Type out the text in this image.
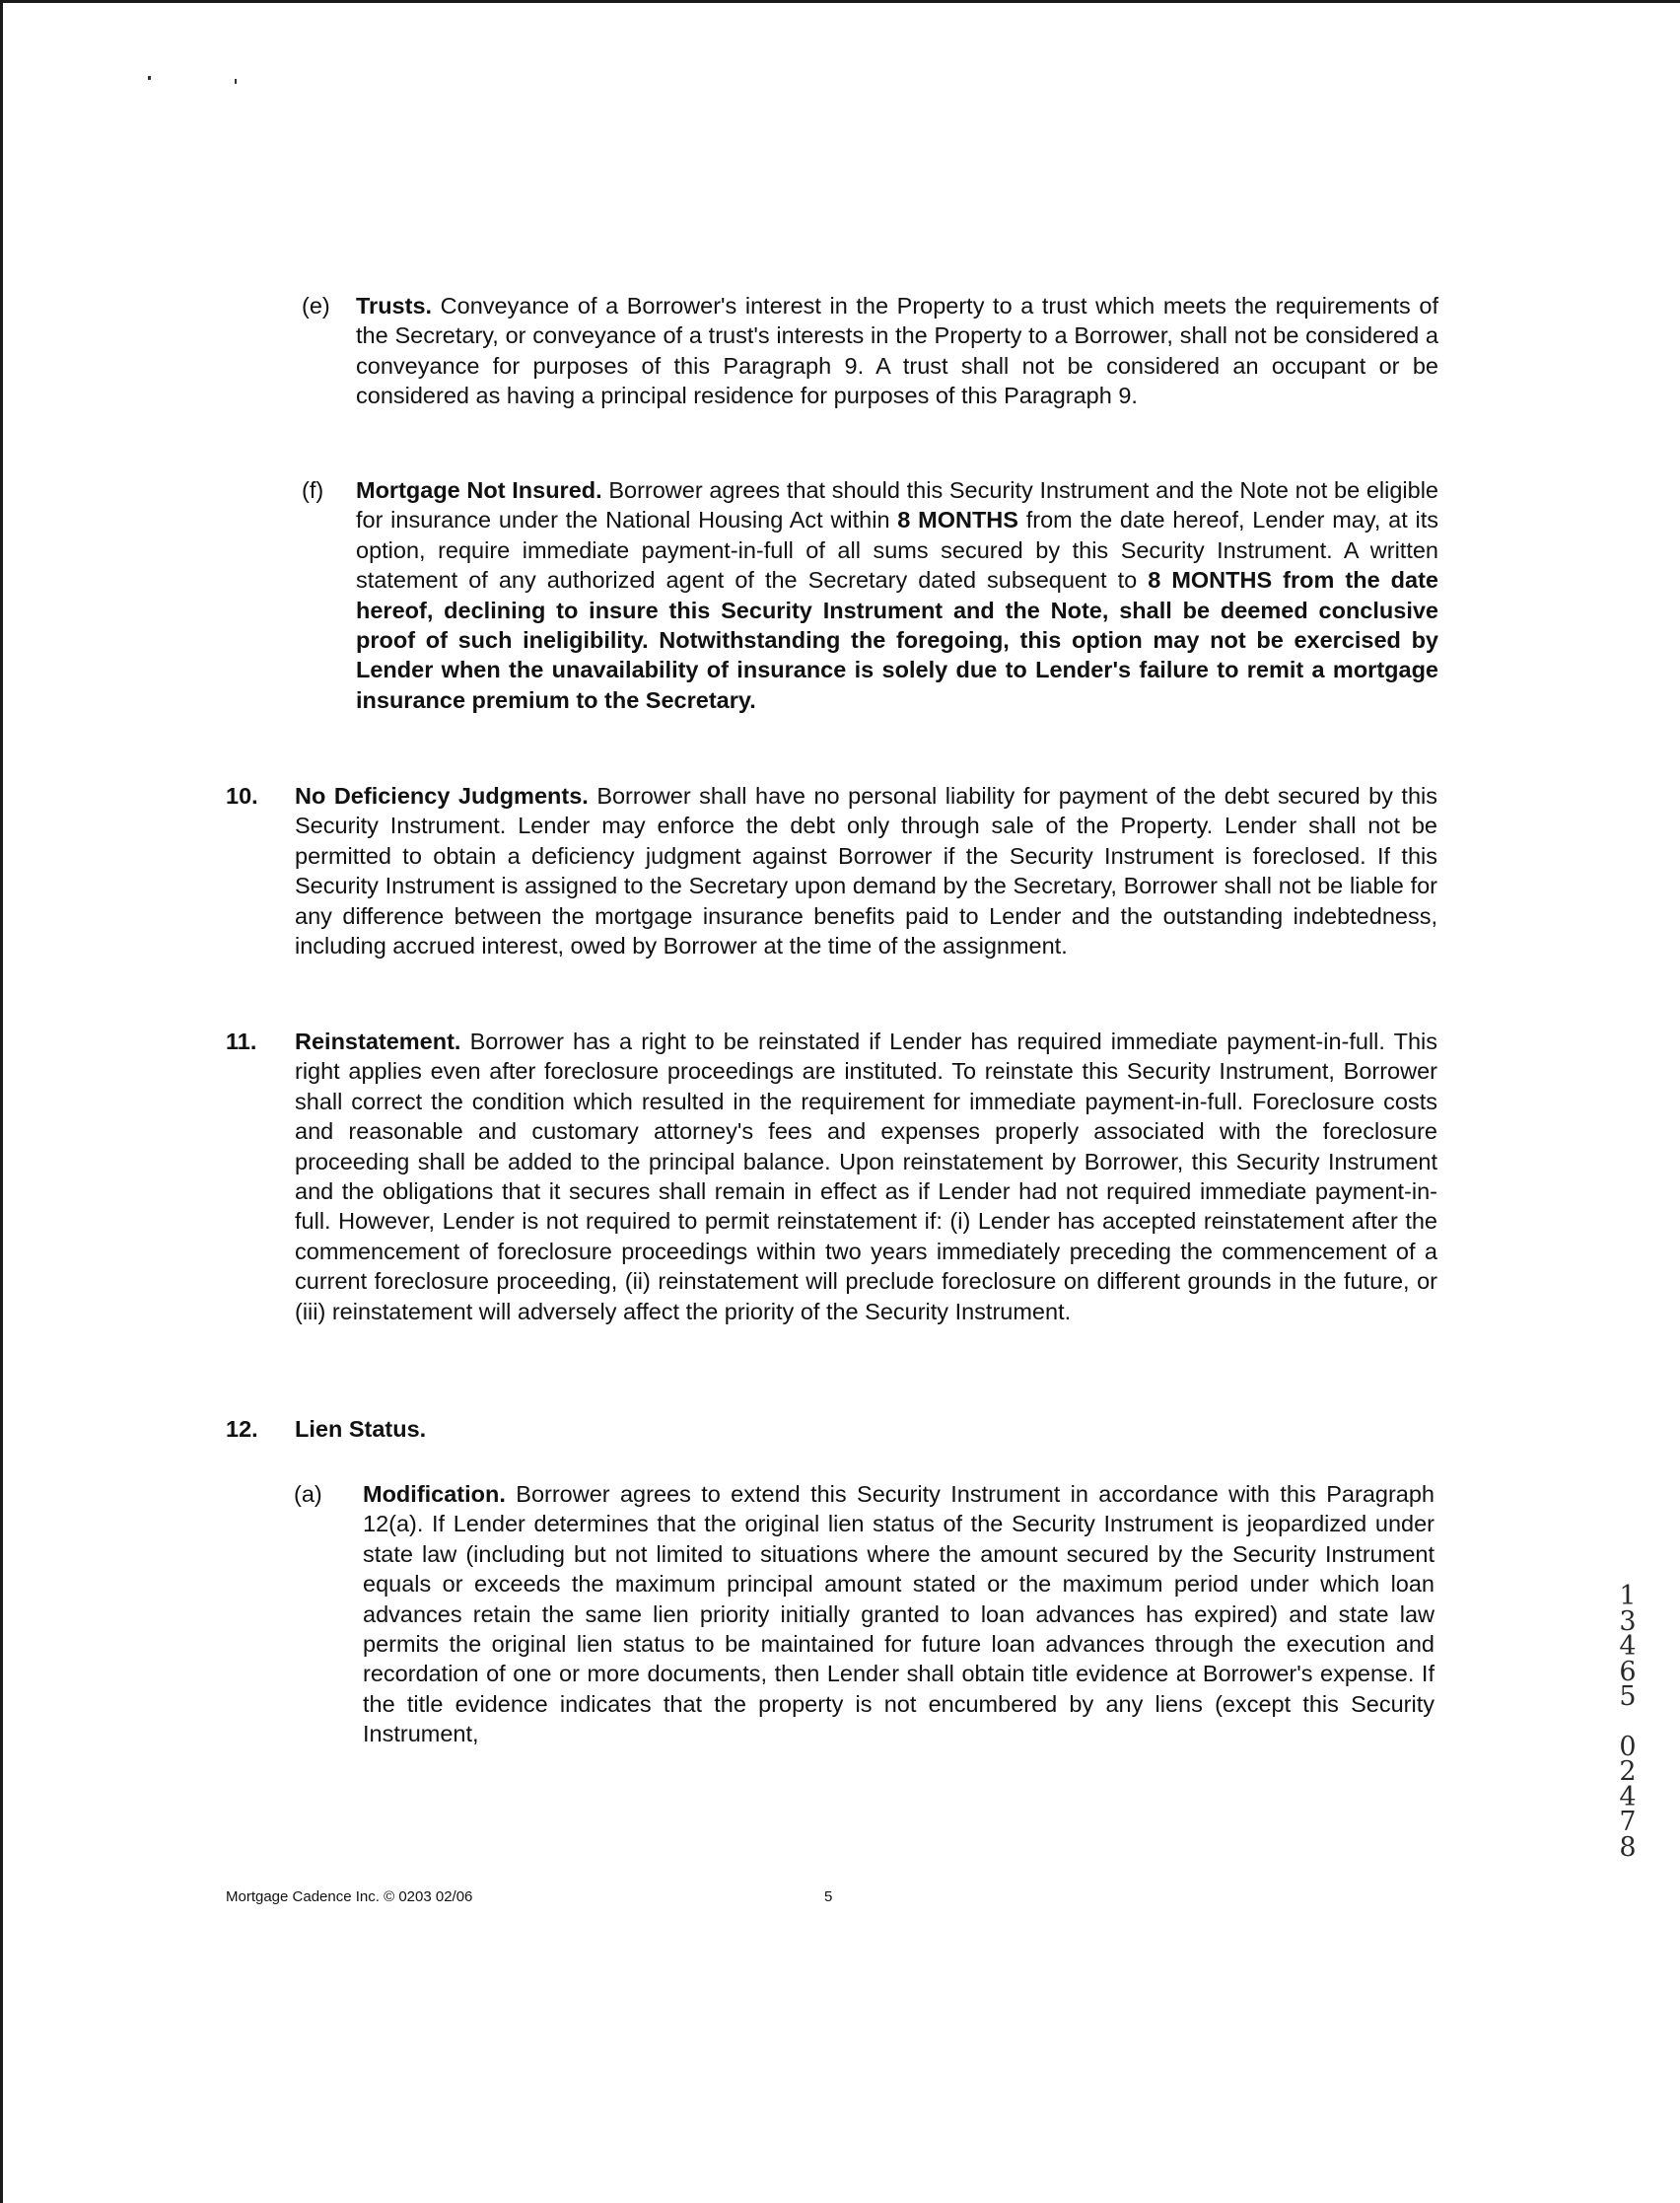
(e) Trusts. Conveyance of a Borrower's interest in the Property to a trust which meets the requirements of the Secretary, or conveyance of a trust's interests in the Property to a Borrower, shall not be considered a conveyance for purposes of this Paragraph 9. A trust shall not be considered an occupant or be considered as having a principal residence for purposes of this Paragraph 9.

(f) Mortgage Not Insured. Borrower agrees that should this Security Instrument and the Note not be eligible for insurance under the National Housing Act within 8 MONTHS from the date hereof, Lender may, at its option, require immediate payment-in-full of all sums secured by this Security Instrument. A written statement of any authorized agent of the Secretary dated subsequent to 8 MONTHS from the date hereof, declining to insure this Security Instrument and the Note, shall be deemed conclusive proof of such ineligibility. Notwithstanding the foregoing, this option may not be exercised by Lender when the unavailability of insurance is solely due to Lender's failure to remit a mortgage insurance premium to the Secretary.

10. No Deficiency Judgments. Borrower shall have no personal liability for payment of the debt secured by this Security Instrument. Lender may enforce the debt only through sale of the Property. Lender shall not be permitted to obtain a deficiency judgment against Borrower if the Security Instrument is foreclosed. If this Security Instrument is assigned to the Secretary upon demand by the Secretary, Borrower shall not be liable for any difference between the mortgage insurance benefits paid to Lender and the outstanding indebtedness, including accrued interest, owed by Borrower at the time of the assignment.

11. Reinstatement. Borrower has a right to be reinstated if Lender has required immediate payment-in-full. This right applies even after foreclosure proceedings are instituted. To reinstate this Security Instrument, Borrower shall correct the condition which resulted in the requirement for immediate payment-in-full. Foreclosure costs and reasonable and customary attorney's fees and expenses properly associated with the foreclosure proceeding shall be added to the principal balance. Upon reinstatement by Borrower, this Security Instrument and the obligations that it secures shall remain in effect as if Lender had not required immediate payment-in-full. However, Lender is not required to permit reinstatement if: (i) Lender has accepted reinstatement after the commencement of foreclosure proceedings within two years immediately preceding the commencement of a current foreclosure proceeding, (ii) reinstatement will preclude foreclosure on different grounds in the future, or (iii) reinstatement will adversely affect the priority of the Security Instrument.

12. Lien Status.

(a) Modification. Borrower agrees to extend this Security Instrument in accordance with this Paragraph 12(a). If Lender determines that the original lien status of the Security Instrument is jeopardized under state law (including but not limited to situations where the amount secured by the Security Instrument equals or exceeds the maximum principal amount stated or the maximum period under which loan advances retain the same lien priority initially granted to loan advances has expired) and state law permits the original lien status to be maintained for future loan advances through the execution and recordation of one or more documents, then Lender shall obtain title evidence at Borrower's expense. If the title evidence indicates that the property is not encumbered by any liens (except this Security Instrument,

Mortgage Cadence Inc. © 0203 02/06	5
1
3
4
6
5
0
2
4
7
8
